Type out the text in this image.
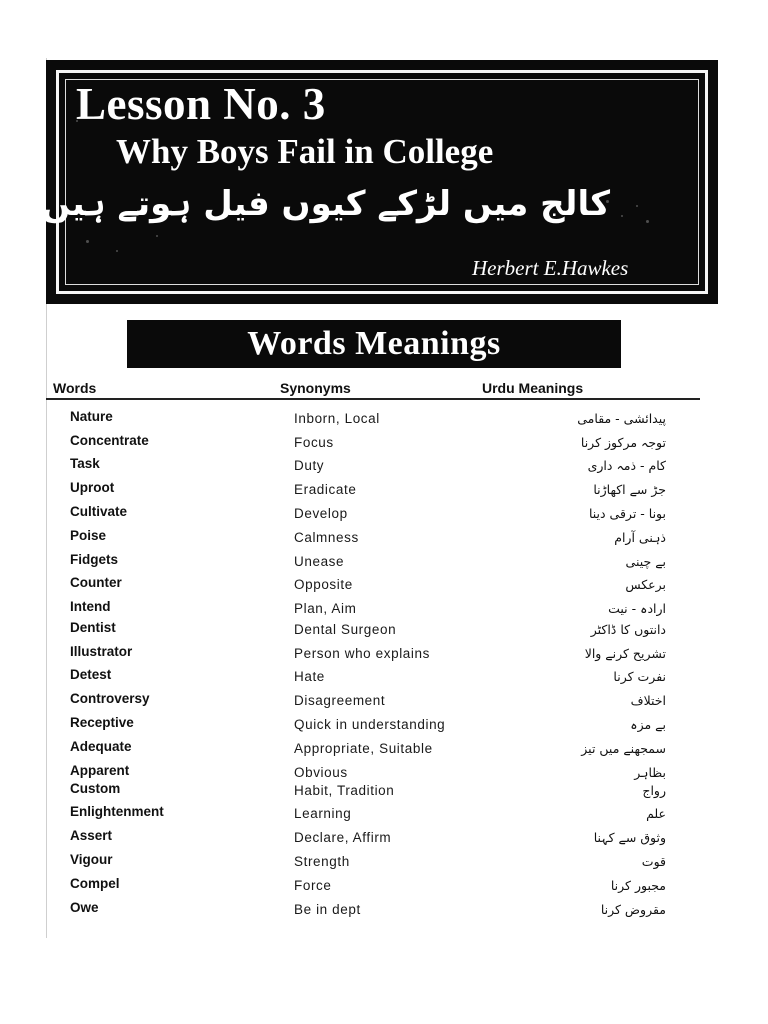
Lesson No. 3
Why Boys Fail in College
کالج میں لڑکے کیوں فیل ہوتے ہیں
Herbert E.Hawkes
Words Meanings
Words	Synonyms	Urdu Meanings
Nature	Inborn, Local	پیدائشی - مقامی
Concentrate	Focus	توجہ مرکوز کرنا
Task	Duty	کام - ذمہ داری
Uproot	Eradicate	جڑ سے اکھاڑنا
Cultivate	Develop	بونا - ترقی دینا
Poise	Calmness	ذہنی آرام
Fidgets	Unease	بے چینی
Counter	Opposite	برعکس
Intend	Plan, Aim	ارادہ - نیت
Dentist	Dental Surgeon	دانتوں کا ڈاکٹر
Illustrator	Person who explains	تشریح کرنے والا
Detest	Hate	نفرت کرنا
Controversy	Disagreement	اختلاف
Receptive	Quick in understanding	بے مزہ
Adequate	Appropriate, Suitable	سمجھنے میں تیز
Apparent	Obvious	بظاہر
Custom	Habit, Tradition	رواج
Enlightenment	Learning	علم
Assert	Declare, Affirm	وثوق سے کہنا
Vigour	Strength	قوت
Compel	Force	مجبور کرنا
Owe	Be in dept	مقروض کرنا
